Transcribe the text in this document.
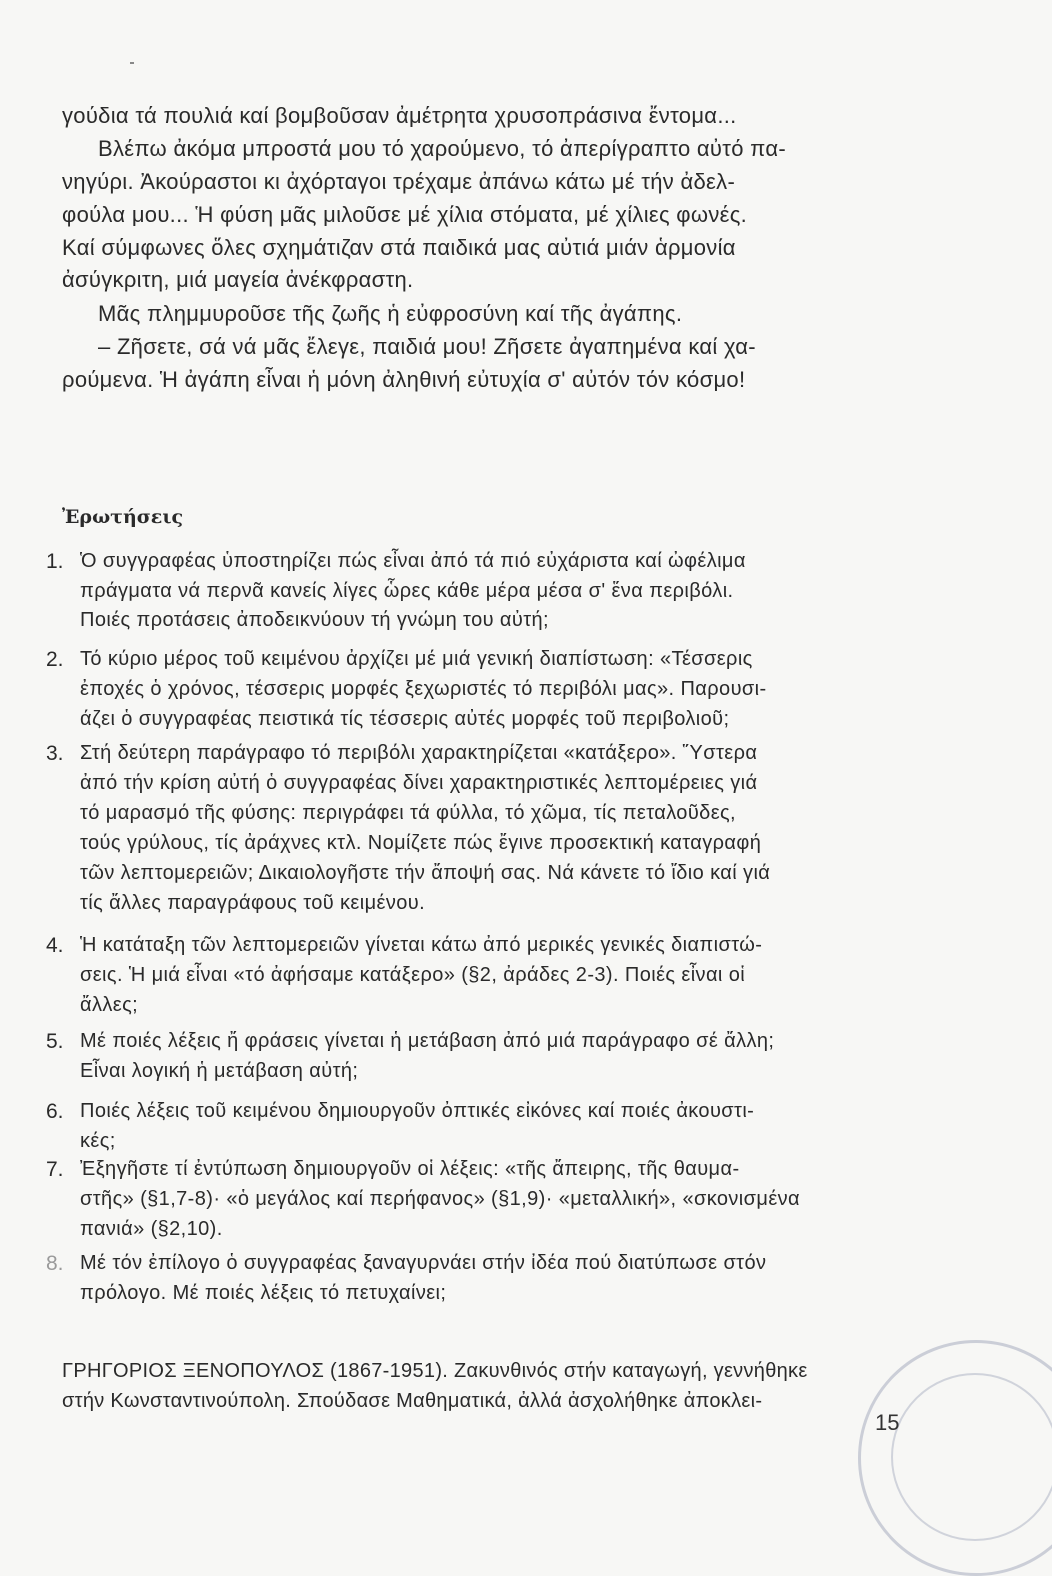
γούδια τά πουλιά καί βομβοῦσαν ἀμέτρητα χρυσοπράσινα ἔντομα...
Βλέπω ἀκόμα μπροστά μου τό χαρούμενο, τό ἀπερίγραπτο αὐτό πα-
νηγύρι. Ἀκούραστοι κι ἀχόρταγοι τρέχαμε ἀπάνω κάτω μέ τήν ἀδελ-
φούλα μου... Ἡ φύση μᾶς μιλοῦσε μέ χίλια στόματα, μέ χίλιες φωνές.
Καί σύμφωνες ὅλες σχημάτιζαν στά παιδικά μας αὐτιά μιάν ἁρμονία
ἀσύγκριτη, μιά μαγεία ἀνέκφραστη.
Μᾶς πλημμυροῦσε τῆς ζωῆς ἡ εὐφροσύνη καί τῆς ἀγάπης.
– Ζῆσετε, σά νά μᾶς ἔλεγε, παιδιά μου! Ζῆσετε ἀγαπημένα καί χα-
ρούμενα. Ἡ ἀγάπη εἶναι ἡ μόνη ἀληθινή εὐτυχία σ' αὐτόν τόν κόσμο!
Ἐρωτήσεις
1. Ὁ συγγραφέας ὑποστηρίζει πώς εἶναι ἀπό τά πιό εὐχάριστα καί ὠφέλιμα
πράγματα νά περνᾶ κανείς λίγες ὧρες κάθε μέρα μέσα σ' ἕνα περιβόλι.
Ποιές προτάσεις ἀποδεικνύουν τή γνώμη του αὐτή;
2. Τό κύριο μέρος τοῦ κειμένου ἀρχίζει μέ μιά γενική διαπίστωση: «Τέσσερις
ἐποχές ὁ χρόνος, τέσσερις μορφές ξεχωριστές τό περιβόλι μας». Παρουσι-
άζει ὁ συγγραφέας πειστικά τίς τέσσερις αὐτές μορφές τοῦ περιβολιοῦ;
3. Στή δεύτερη παράγραφο τό περιβόλι χαρακτηρίζεται «κατάξερο». Ὕστερα
ἀπό τήν κρίση αὐτή ὁ συγγραφέας δίνει χαρακτηριστικές λεπτομέρειες γιά
τό μαρασμό τῆς φύσης: περιγράφει τά φύλλα, τό χῶμα, τίς πεταλοῦδες,
τούς γρύλους, τίς ἀράχνες κτλ. Νομίζετε πώς ἔγινε προσεκτική καταγραφή
τῶν λεπτομερειῶν; Δικαιολογῆστε τήν ἄποψή σας. Νά κάνετε τό ἴδιο καί γιά
τίς ἄλλες παραγράφους τοῦ κειμένου.
4. Ἡ κατάταξη τῶν λεπτομερειῶν γίνεται κάτω ἀπό μερικές γενικές διαπιστώ-
σεις. Ἡ μιά εἶναι «τό ἀφήσαμε κατάξερο» (§2, ἀράδες 2-3). Ποιές εἶναι οἱ
ἄλλες;
5. Μέ ποιές λέξεις ἤ φράσεις γίνεται ἡ μετάβαση ἀπό μιά παράγραφο σέ ἄλλη;
Εἶναι λογική ἡ μετάβαση αὐτή;
6. Ποιές λέξεις τοῦ κειμένου δημιουργοῦν ὀπτικές εἰκόνες καί ποιές ἀκουστι-
κές;
7. Ἐξηγῆστε τί ἐντύπωση δημιουργοῦν οἱ λέξεις: «τῆς ἄπειρης, τῆς θαυμα-
στῆς» (§1,7-8)· «ὁ μεγάλος καί περήφανος» (§1,9)· «μεταλλική», «σκονισμένα
πανιά» (§2,10).
8. Μέ τόν ἐπίλογο ὁ συγγραφέας ξαναγυρνάει στήν ἰδέα πού διατύπωσε στόν
πρόλογο. Μέ ποιές λέξεις τό πετυχαίνει;
ΓΡΗΓΟΡΙΟΣ ΞΕΝΟΠΟΥΛΟΣ (1867-1951). Ζακυνθινός στήν καταγωγή, γεννήθηκε
στήν Κωνσταντινούπολη. Σπούδασε Μαθηματικά, ἀλλά ἀσχολήθηκε ἀποκλει-
15
